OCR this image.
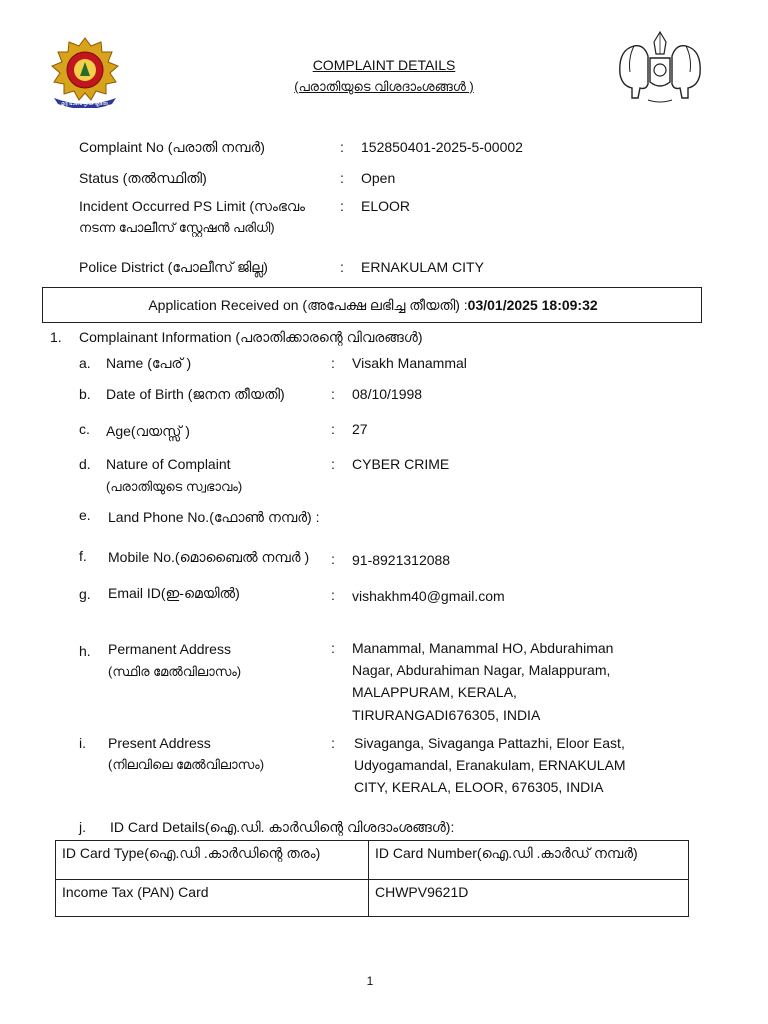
മൃദു ഭാവേ ദൃഢ കൃത്യേ
COMPLAINT DETAILS
(പരാതിയുടെ വിശദാംശങ്ങൾ )
Complaint No (പരാതി നമ്പർ)	: 152850401-2025-5-00002
Status (തൽസ്ഥിതി)	: Open
Incident Occurred PS Limit (സംഭവം
നടന്ന പോലീസ് സ്റ്റേഷൻ പരിധി)
: ELOOR
Police District (പോലീസ് ജില്ല)	: ERNAKULAM CITY
Application Received on (അപേക്ഷ ലഭിച്ച തീയതി) :03/01/2025 18:09:32
1. Complainant Information (പരാതിക്കാരന്റെ വിവരങ്ങൾ)
a. Name (പേര് )	: Visakh Manammal
b. Date of Birth (ജനന തീയതി)	: 08/10/1998
c. Age(വയസ്സ് )	: 27
d. Nature of Complaint
(പരാതിയുടെ സ്വഭാവം)
: CYBER CRIME
e. Land Phone No.(ഫോൺ നമ്പർ) :
f. Mobile No.(മൊബൈൽ നമ്പർ ) : 91-8921312088
g. Email ID(ഇ-മെയിൽ)	: vishakhm40@gmail.com
h. Permanent Address
(സ്ഥിര മേൽവിലാസം)
: Manammal, Manammal HO, Abdurahiman
Nagar, Abdurahiman Nagar, Malappuram,
MALAPPURAM, KERALA,
TIRURANGADI676305, INDIA
i. Present Address
(നിലവിലെ മേൽവിലാസം)
: Sivaganga, Sivaganga Pattazhi, Eloor East,
Udyogamandal, Eranakulam, ERNAKULAM
CITY, KERALA, ELOOR, 676305, INDIA
j. ID Card Details(ഐ.ഡി. കാർഡിന്റെ വിശദാംശങ്ങൾ):
ID Card Type(ഐ.ഡി .കാർഡിന്റെ തരം)	ID Card Number(ഐ.ഡി .കാർഡ് നമ്പർ)
Income Tax (PAN) Card	CHWPV9621D
1
